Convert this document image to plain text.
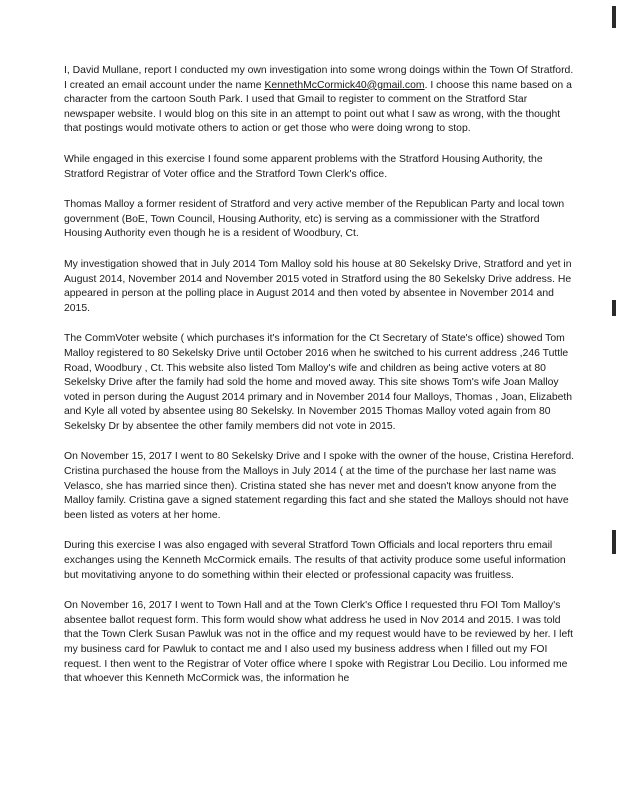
I, David Mullane, report I conducted my own investigation into some wrong doings within the Town Of Stratford. I created an email account under the name KennethMcCormick40@gmail.com. I choose this name based on a character from the cartoon South Park. I used that Gmail to register to comment on the Stratford Star newspaper website. I would blog on this site in an attempt to point out what I saw as wrong, with the thought that postings would motivate others to action or get those who were doing wrong to stop.

While engaged in this exercise I found some apparent problems with the Stratford Housing Authority, the Stratford Registrar of Voter office and the Stratford Town Clerk's office.

Thomas Malloy a former resident of Stratford and very active member of the Republican Party and local town government (BoE, Town Council, Housing Authority, etc) is serving as a commissioner with the Stratford Housing Authority even though he is a resident of Woodbury, Ct.

My investigation showed that in July 2014 Tom Malloy sold his house at 80 Sekelsky Drive, Stratford and yet in August 2014, November 2014 and November 2015 voted in Stratford using the 80 Sekelsky Drive address. He appeared in person at the polling place in August 2014 and then voted by absentee in November 2014 and 2015.

The CommVoter website ( which purchases it's information for the Ct Secretary of State's office) showed Tom Malloy registered to 80 Sekelsky Drive until October 2016 when he switched to his current address ,246 Tuttle Road, Woodbury , Ct. This website also listed Tom Malloy's wife and children as being active voters at 80 Sekelsky Drive after the family had sold the home and moved away. This site shows Tom's wife Joan Malloy voted in person during the August 2014 primary and in November 2014 four Malloys, Thomas , Joan, Elizabeth and Kyle all voted by absentee using 80 Sekelsky. In November 2015 Thomas Malloy voted again from 80 Sekelsky Dr by absentee the other family members did not vote in 2015.

On November 15, 2017 I went to 80 Sekelsky Drive and I spoke with the owner of the house, Cristina Hereford. Cristina purchased the house from the Malloys in July 2014 ( at the time of the purchase her last name was Velasco, she has married since then). Cristina stated she has never met and doesn't know anyone from the Malloy family. Cristina gave a signed statement regarding this fact and she stated the Malloys should not have been listed as voters at her home.

During this exercise I was also engaged with several Stratford Town Officials and local reporters thru email exchanges using the Kenneth McCormick emails. The results of that activity produce some useful information but movitativing anyone to do something within their elected or professional capacity was fruitless.

On November 16, 2017 I went to Town Hall and at the Town Clerk's Office I requested thru FOI Tom Malloy's absentee ballot request form. This form would show what address he used in Nov 2014 and 2015. I was told that the Town Clerk Susan Pawluk was not in the office and my request would have to be reviewed by her. I left my business card for Pawluk to contact me and I also used my business address when I filled out my FOI request. I then went to the Registrar of Voter office where I spoke with Registrar Lou Decilio. Lou informed me that whoever this Kenneth McCormick was, the information he
